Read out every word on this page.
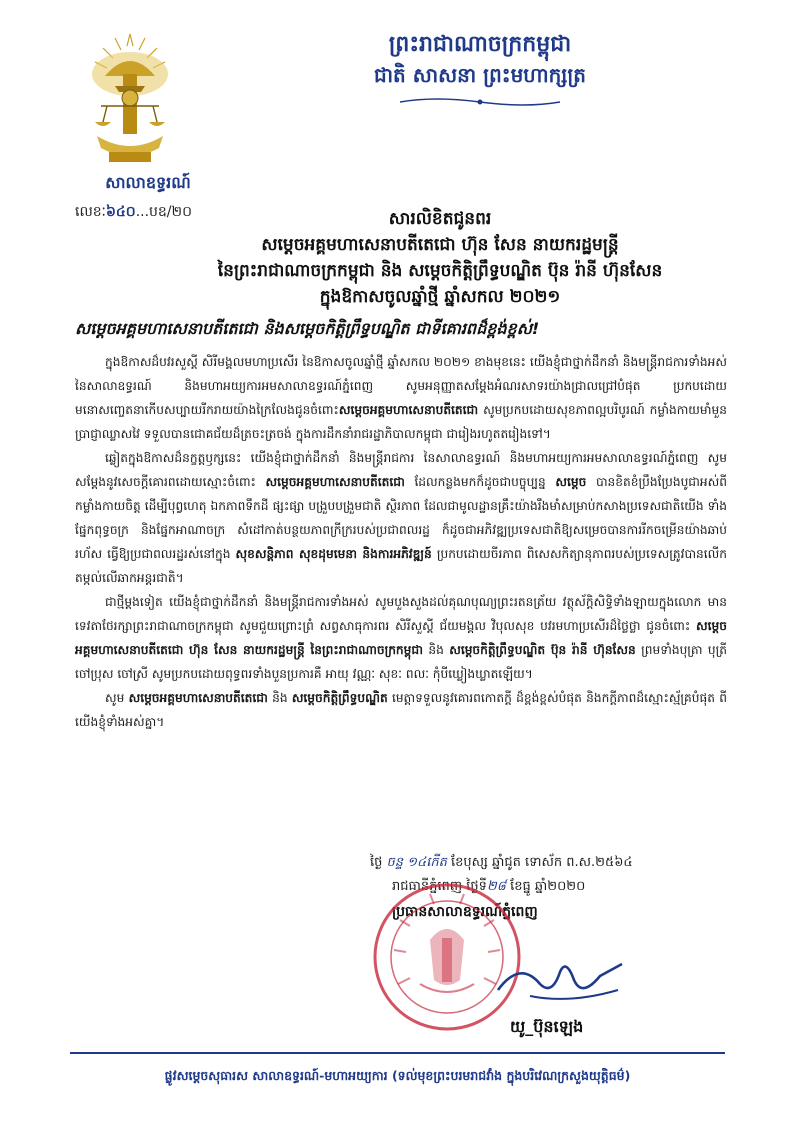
សាលាឧទ្ធរណ៍
លេខៈ៦៤០...បឧ/២០
ព្រះរាជាណាចក្រកម្ពុជា
ជាតិ សាសនា ព្រះមហាក្សត្រ
សារលិខិតជូនពរ
សម្តេចអគ្គមហាសេនាបតីតេជោ ហ៊ុន សែន នាយករដ្ឋមន្ត្រី
នៃព្រះរាជាណាចក្រកម្ពុជា និង សម្តេចកិត្តិព្រឹទ្ធបណ្ឌិត ប៊ុន រ៉ានី ហ៊ុនសែន
ក្នុងឱកាសចូលឆ្នាំថ្មី ឆ្នាំសកល ២០២១
សម្តេចអគ្គមហាសេនាបតីតេជោ និងសម្តេចកិត្តិព្រឹទ្ធបណ្ឌិត ជាទីគោរពដ៏ខ្ពង់ខ្ពស់!

ក្នុងឱកាសដ៏បវរសួស្តី សិរីមង្គលមហាប្រសើរ នៃឱកាសចូលឆ្នាំថ្មី ឆ្នាំសកល ២០២១ ខាងមុខនេះ យើងខ្ញុំជាថ្នាក់ដឹកនាំ និងមន្ត្រីរាជការទាំងអស់ នៃសាលាឧទ្ធរណ៍ និងមហាអយ្យការអមសាលាឧទ្ធរណ៍ភ្នំពេញ សូមអនុញ្ញាតសម្តែងអំណរសាទរយ៉ាងជ្រាលជ្រៅបំផុត ប្រកបដោយមនោសញ្ចេតនាកើបសប្បាយរីករាយយ៉ាងក្រៃលែងជូនចំពោះសម្តេចអគ្គមហាសេនាបតីតេជោ សូមប្រកបដោយសុខភាពល្អបរិបូរណ៍ កម្លាំងកាយមាំមួន ប្រាជ្ញាឈ្លាសវៃ ទទួលបានជោគជ័យដ៏ត្រចះត្រចង់ ក្នុងការដឹកនាំរាជរដ្ឋាភិបាលកម្ពុជា ជារៀងរហូតតរៀងទៅ។

ឆ្លៀតក្នុងឱកាសដ៏នក្ខត្តឫក្សនេះ យើងខ្ញុំជាថ្នាក់ដឹកនាំ និងមន្ត្រីរាជការ នៃសាលាឧទ្ធរណ៍ និងមហាអយ្យការអមសាលាឧទ្ធរណ៍ភ្នំពេញ សូមសម្តែងនូវសេចក្តីគោរពដោយស្មោះចំពោះ សម្តេចអគ្គមហាសេនាបតីតេជោ ដែលកន្លងមកក៏ដូចជាបច្ចុប្បន្ន សម្តេច បានខិតខំប្រឹងប្រែងបូជាអស់ពីកម្លាំងកាយចិត្ត ដើម្បីបុព្វហេតុ ឯកភាពទឹកដី ផ្សះផ្សា បង្រួបបង្រួមជាតិ ស្ថិរភាព ដែលជាមូលដ្ឋានគ្រឹះយ៉ាងរឹងមាំសម្រាប់កសាងប្រទេសជាតិយើង ទាំងផ្នែកពុទ្ធចក្រ និងផ្នែកអាណាចក្រ សំដៅកាត់បន្ថយភាពក្រីក្ររបស់ប្រជាពលរដ្ឋ ក៏ដូចជាអភិវឌ្ឍប្រទេសជាតិឱ្យសម្រេចបានការរីកចម្រើនយ៉ាងឆាប់រហ័ស ធ្វើឱ្យប្រជាពលរដ្ឋរស់នៅក្នុង សុខសន្តិភាព សុខដុមមេនា និងការអភិវឌ្ឍន៍ ប្រកបដោយចីរភាព ពិសេសកិត្យានុភាពរបស់ប្រទេសត្រូវបានលើកតម្កល់លើឆាកអន្តរជាតិ។

ជាថ្មីម្តងទៀត យើងខ្ញុំជាថ្នាក់ដឹកនាំ និងមន្ត្រីរាជការទាំងអស់ សូមបួងសួងដល់គុណបុណ្យព្រះរតនត្រ័យ វត្ថុស័ក្តិសិទ្ធិទាំងឡាយក្នុងលោក មានទេវតាថែរក្សាព្រះរាជាណាចក្រកម្ពុជា សូមជួយព្រោះព្រំ សព្វសាធុការពរ សិរីសួស្តី ជ័យមង្គល វិបុលសុខ បវរមហាប្រសើរដ៏ថ្លៃថ្លា ជូនចំពោះ សម្តេចអគ្គមហាសេនាបតីតេជោ ហ៊ុន សែន នាយករដ្ឋមន្ត្រី នៃព្រះរាជាណាចក្រកម្ពុជា និង សម្តេចកិត្តិព្រឹទ្ធបណ្ឌិត ប៊ុន រ៉ានី ហ៊ុនសែន ព្រមទាំងបុត្រា បុត្រី ចៅប្រុស ចៅស្រី សូមប្រកបដោយពុទ្ធពរទាំងបួនប្រការគឺ អាយុ វណ្ណៈ សុខៈ ពលៈ កុំបីឃ្លៀងឃ្លាតឡើយ។

សូម សម្តេចអគ្គមហាសេនាបតីតេជោ និង សម្តេចកិត្តិព្រឹទ្ធបណ្ឌិត មេត្តាទទួលនូវគោរពកោតក្តី ដ៏ខ្ពង់ខ្ពស់បំផុត និងកក្តីភាពដ៏ស្មោះស្ម័គ្របំផុត ពីយើងខ្ញុំទាំងអស់គ្នា។

ថ្ងៃ ចន្ទ ១៤កើត ខែបុស្ស ឆ្នាំជូត ទោស័ក ព.ស.២៥៦៤
រាជធានីភ្នំពេញ ថ្ងៃទី២៨ ខែធ្នូ ឆ្នាំ២០២០
ប្រធានសាលាឧទ្ធរណ៍ភ្នំពេញ
យូ_ប៊ុនឡេង
ផ្លូវសម្តេចសុធារស សាលាឧទ្ធរណ៍-មហាអយ្យការ (ទល់មុខព្រះបរមរាជវាំង ក្នុងបរិវេណក្រសួងយុត្តិធម៌)
